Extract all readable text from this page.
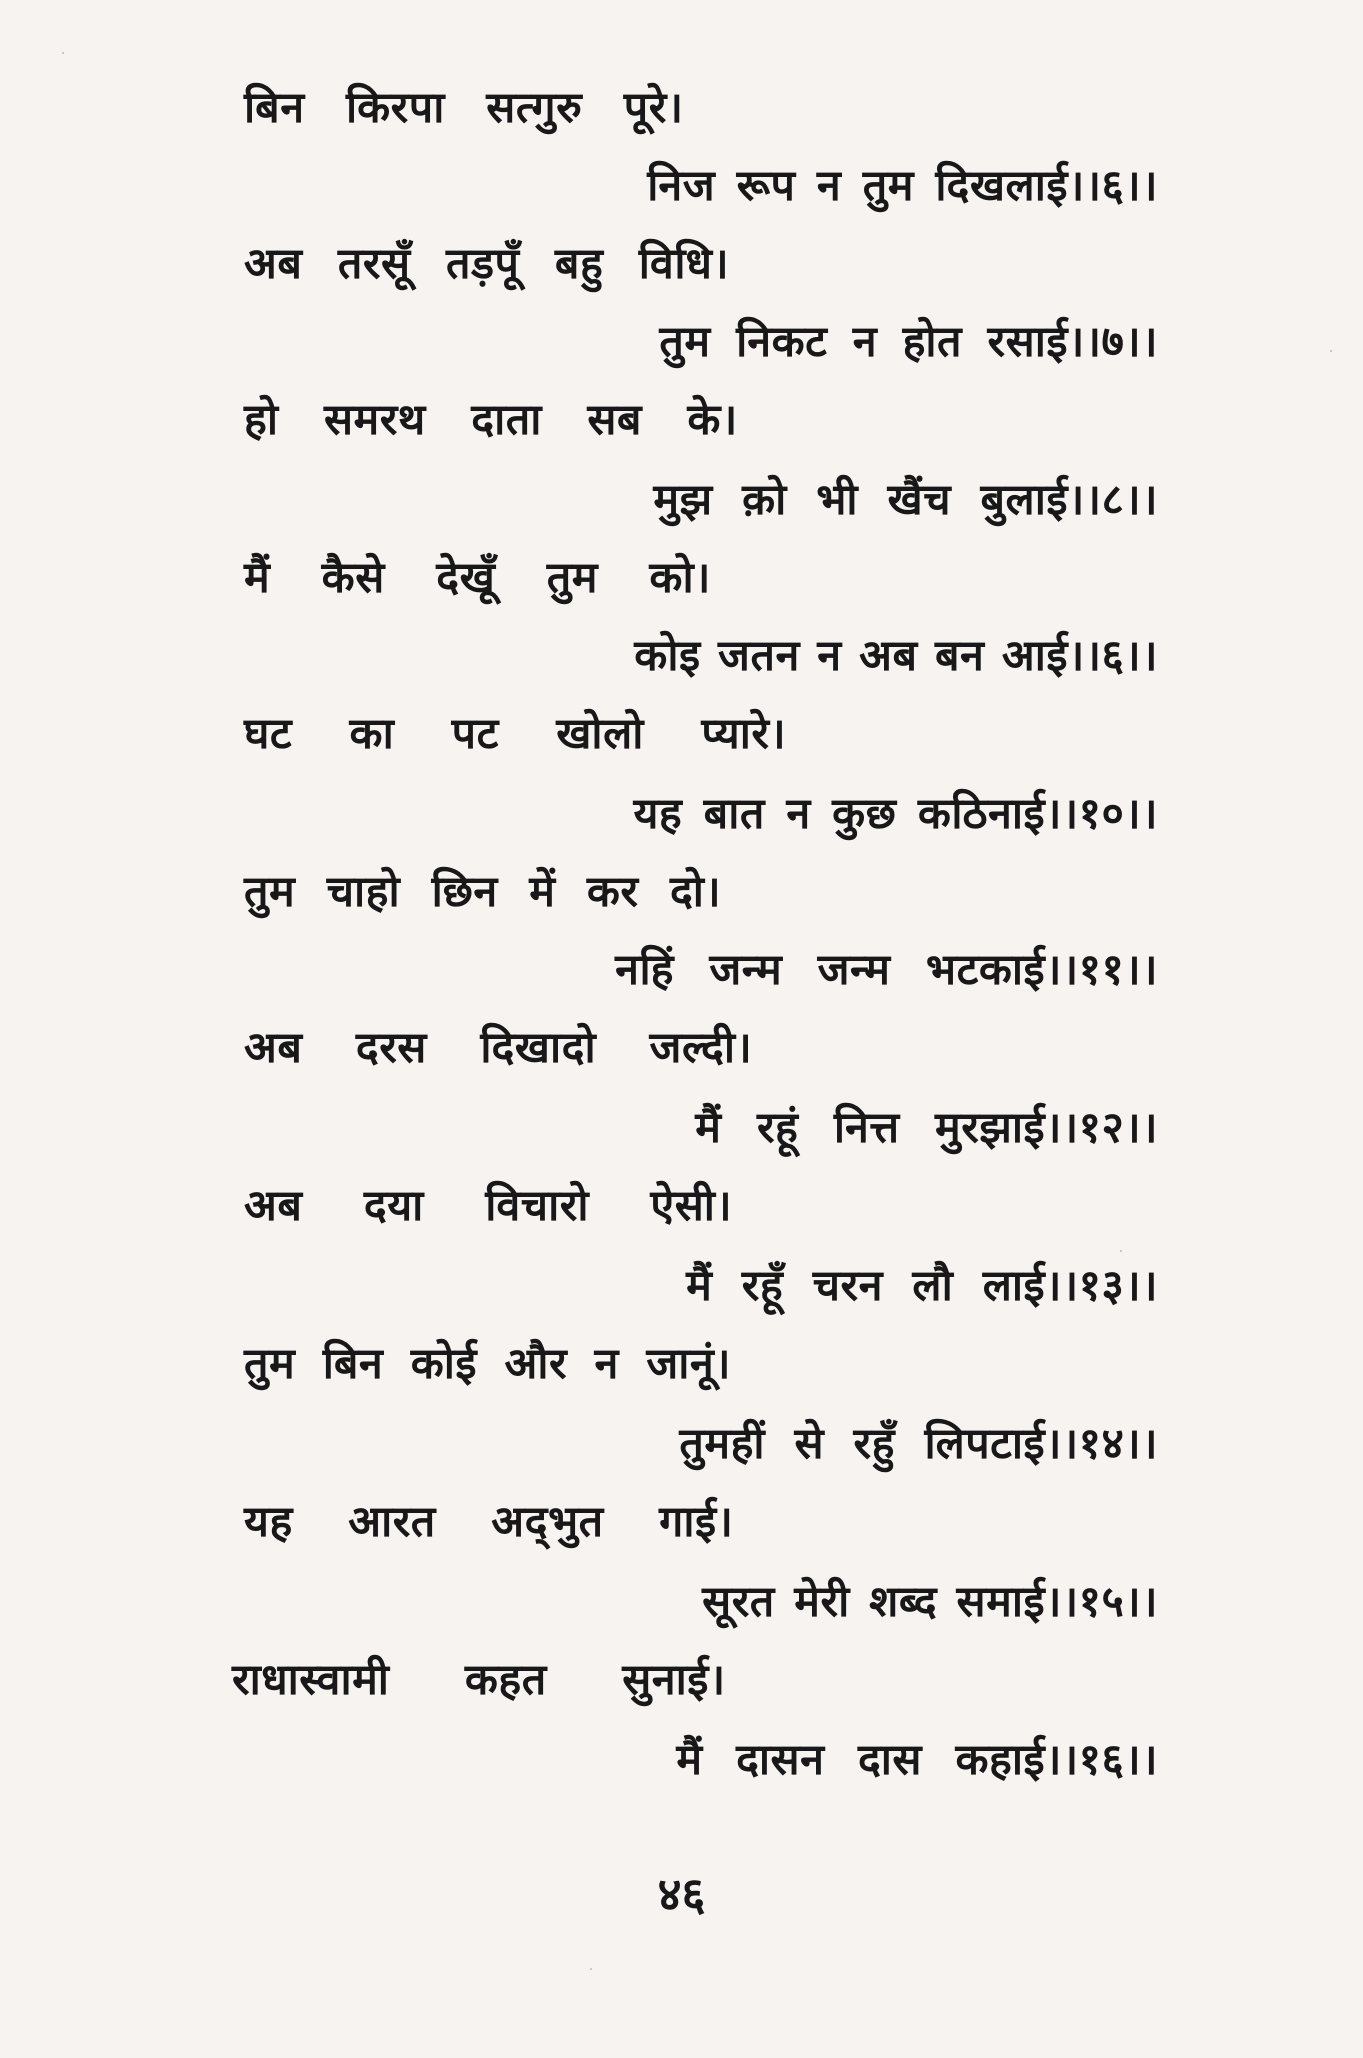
बिन किरपा सत्गुरु पूरे।
निज रूप न तुम दिखलाई।।६।।
अब तरसूँ तड़पूँ बहु विधि।
तुम निकट न होत रसाई।।७।।
हो समरथ दाता सब के।
मुझ क़ो भी खैंच बुलाई।।८।।
मैं कैसे देखूँ तुम को।
कोइ जतन न अब बन आई।।६।।
घट का पट खोलो प्यारे।
यह बात न कुछ कठिनाई।।१०।।
तुम चाहो छिन में कर दो।
नहिं जन्म जन्म भटकाई।।११।।
अब दरस दिखादो जल्दी।
मैं रहूं नित्त मुरझाई।।१२।।
अब दया विचारो ऐसी।
मैं रहूँ चरन लौ लाई।।१३।।
तुम बिन कोई और न जानूं।
तुमहीं से रहुँ लिपटाई।।१४।।
यह आरत अद्‌भुत गाई।
सूरत मेरी शब्द समाई।।१५।।
राधास्वामी कहत सुनाई।
मैं दासन दास कहाई।।१६।।
४६
